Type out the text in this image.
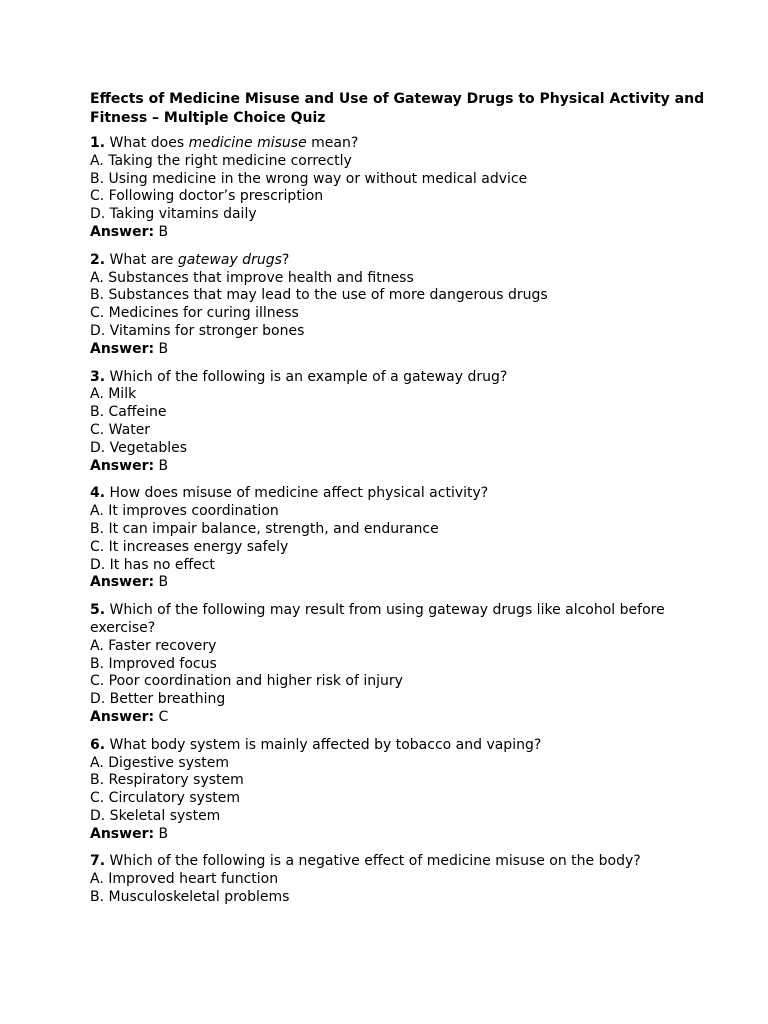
Effects of Medicine Misuse and Use of Gateway Drugs to Physical Activity and Fitness – Multiple Choice Quiz
1. What does medicine misuse mean?
A. Taking the right medicine correctly
B. Using medicine in the wrong way or without medical advice
C. Following doctor’s prescription
D. Taking vitamins daily
Answer: B
2. What are gateway drugs?
A. Substances that improve health and fitness
B. Substances that may lead to the use of more dangerous drugs
C. Medicines for curing illness
D. Vitamins for stronger bones
Answer: B
3. Which of the following is an example of a gateway drug?
A. Milk
B. Caffeine
C. Water
D. Vegetables
Answer: B
4. How does misuse of medicine affect physical activity?
A. It improves coordination
B. It can impair balance, strength, and endurance
C. It increases energy safely
D. It has no effect
Answer: B
5. Which of the following may result from using gateway drugs like alcohol before exercise?
A. Faster recovery
B. Improved focus
C. Poor coordination and higher risk of injury
D. Better breathing
Answer: C
6. What body system is mainly affected by tobacco and vaping?
A. Digestive system
B. Respiratory system
C. Circulatory system
D. Skeletal system
Answer: B
7. Which of the following is a negative effect of medicine misuse on the body?
A. Improved heart function
B. Musculoskeletal problems
